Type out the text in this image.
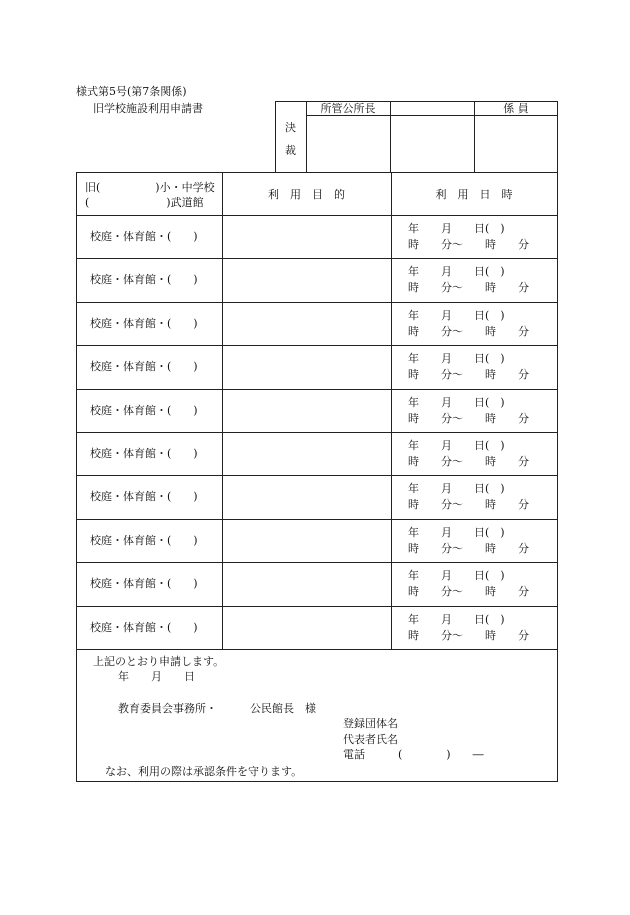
様式第5号(第7条関係)
旧学校施設利用申請書
決
裁
所管公所長	係 員
旧(　　　　　)小・中学校
(　　　　　　　)武道館
利　用　目　的	利　用　日　時
校庭・体育館・(　　)
年　　月　　日(　)
時　　分〜　　時　　分
校庭・体育館・(　　)
年　　月　　日(　)
時　　分〜　　時　　分
校庭・体育館・(　　)
年　　月　　日(　)
時　　分〜　　時　　分
校庭・体育館・(　　)
年　　月　　日(　)
時　　分〜　　時　　分
校庭・体育館・(　　)
年　　月　　日(　)
時　　分〜　　時　　分
校庭・体育館・(　　)
年　　月　　日(　)
時　　分〜　　時　　分
校庭・体育館・(　　)
年　　月　　日(　)
時　　分〜　　時　　分
校庭・体育館・(　　)
年　　月　　日(　)
時　　分〜　　時　　分
校庭・体育館・(　　)
年　　月　　日(　)
時　　分〜　　時　　分
校庭・体育館・(　　)
年　　月　　日(　)
時　　分〜　　時　　分
上記のとおり申請します。
年　　月　　日
教育委員会事務所・　　　公民館長　様
登録団体名
代表者氏名
電話　　　(　　　　)　　―
なお、利用の際は承認条件を守ります。
